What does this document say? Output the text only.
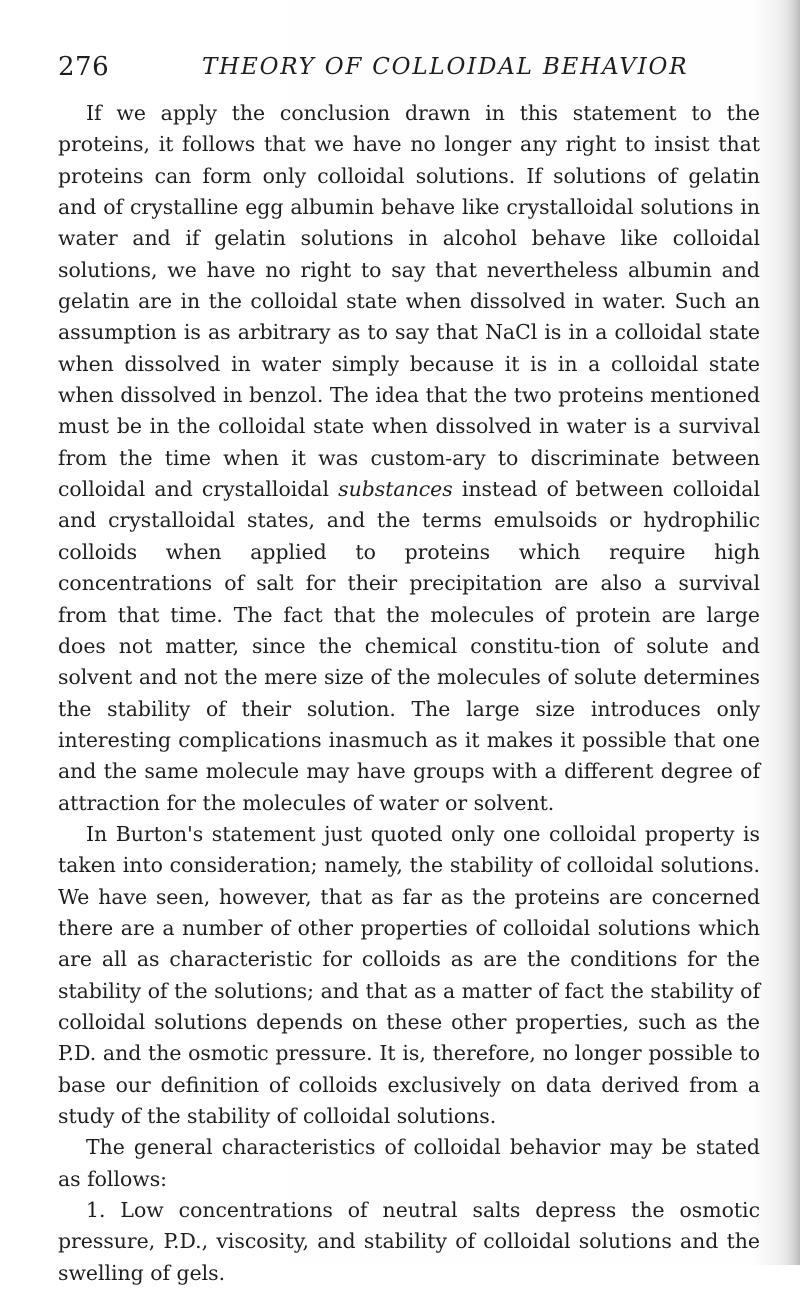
276	THEORY OF COLLOIDAL BEHAVIOR

If we apply the conclusion drawn in this statement to the proteins, it follows that we have no longer any right to insist that proteins can form only colloidal solutions. If solutions of gelatin and of crystalline egg albumin behave like crystalloidal solutions in water and if gelatin solutions in alcohol behave like colloidal solutions, we have no right to say that nevertheless albumin and gelatin are in the colloidal state when dissolved in water. Such an assumption is as arbitrary as to say that NaCl is in a colloidal state when dissolved in water simply because it is in a colloidal state when dissolved in benzol. The idea that the two proteins mentioned must be in the colloidal state when dissolved in water is a survival from the time when it was custom-ary to discriminate between colloidal and crystalloidal substances instead of between colloidal and crystalloidal states, and the terms emulsoids or hydrophilic colloids when applied to proteins which require high concentrations of salt for their precipitation are also a survival from that time. The fact that the molecules of protein are large does not matter, since the chemical constitu-tion of solute and solvent and not the mere size of the molecules of solute determines the stability of their solution. The large size introduces only interesting complications inasmuch as it makes it possible that one and the same molecule may have groups with a different degree of attraction for the molecules of water or solvent.

In Burton's statement just quoted only one colloidal property is taken into consideration; namely, the stability of colloidal solutions. We have seen, however, that as far as the proteins are concerned there are a number of other properties of colloidal solutions which are all as characteristic for colloids as are the conditions for the stability of the solutions; and that as a matter of fact the stability of colloidal solutions depends on these other properties, such as the P.D. and the osmotic pressure. It is, therefore, no longer possible to base our definition of colloids exclusively on data derived from a study of the stability of colloidal solutions.

The general characteristics of colloidal behavior may be stated as follows:

1. Low concentrations of neutral salts depress the osmotic pressure, P.D., viscosity, and stability of colloidal solutions and the swelling of gels.
